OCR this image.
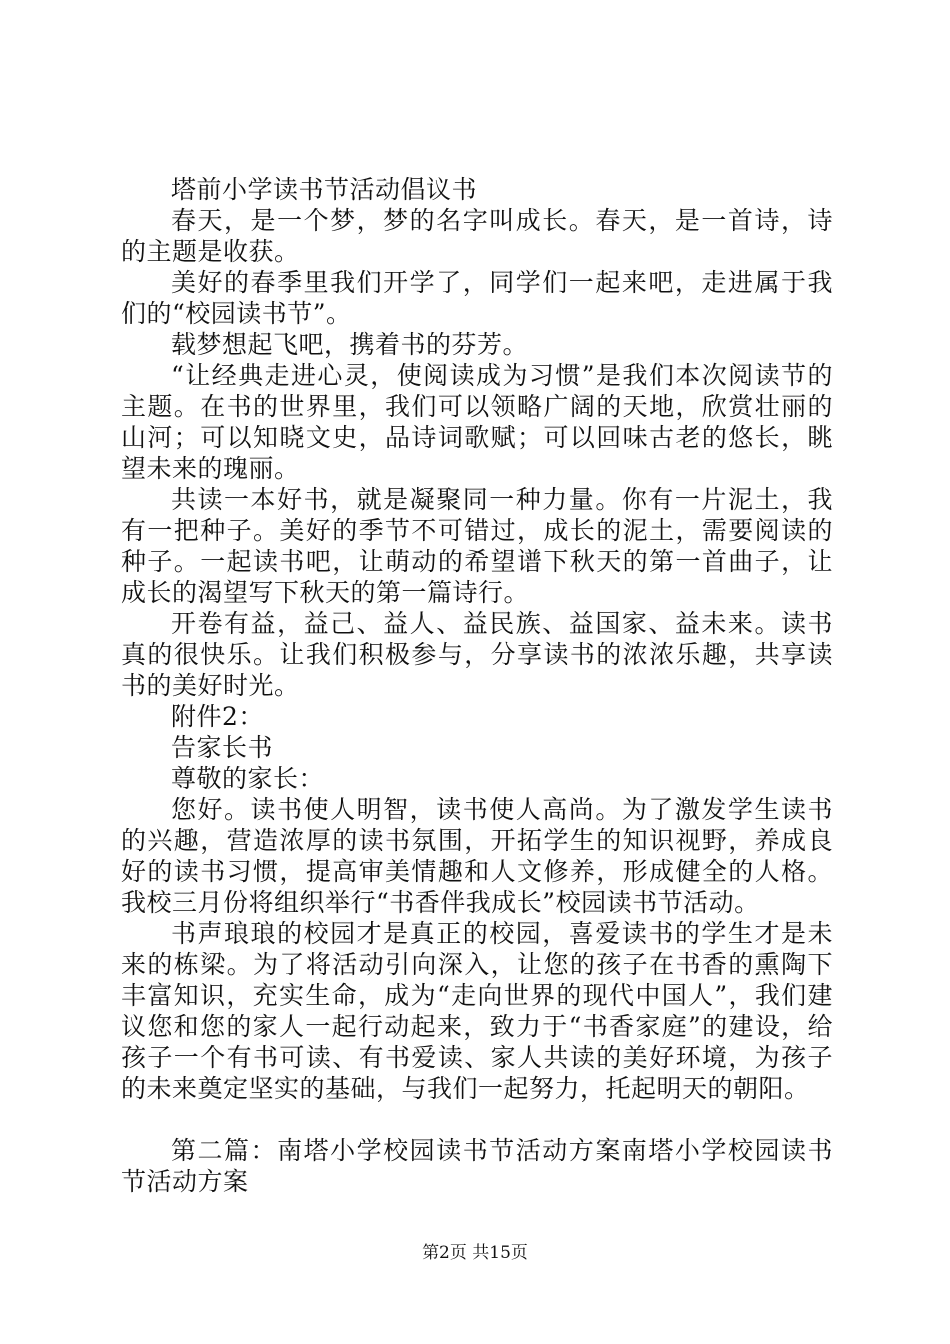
塔前小学读书节活动倡议书

春天，是一个梦，梦的名字叫成长。春天，是一首诗，诗的主题是收获。

美好的春季里我们开学了，同学们一起来吧，走进属于我们的“校园读书节”。

载梦想起飞吧，携着书的芬芳。

“让经典走进心灵，使阅读成为习惯”是我们本次阅读节的主题。在书的世界里，我们可以领略广阔的天地，欣赏壮丽的山河；可以知晓文史，品诗词歌赋；可以回味古老的悠长，眺望未来的瑰丽。

共读一本好书，就是凝聚同一种力量。你有一片泥土，我有一把种子。美好的季节不可错过，成长的泥土，需要阅读的种子。一起读书吧，让萌动的希望谱下秋天的第一首曲子，让成长的渴望写下秋天的第一篇诗行。

开卷有益，益己、益人、益民族、益国家、益未来。读书真的很快乐。让我们积极参与，分享读书的浓浓乐趣，共享读书的美好时光。

附件2：

告家长书

尊敬的家长：

您好。读书使人明智，读书使人高尚。为了激发学生读书的兴趣，营造浓厚的读书氛围，开拓学生的知识视野，养成良好的读书习惯，提高审美情趣和人文修养，形成健全的人格。我校三月份将组织举行“书香伴我成长”校园读书节活动。

书声琅琅的校园才是真正的校园，喜爱读书的学生才是未来的栋梁。为了将活动引向深入，让您的孩子在书香的熏陶下丰富知识，充实生命，成为“走向世界的现代中国人”，我们建议您和您的家人一起行动起来，致力于“书香家庭”的建设，给孩子一个有书可读、有书爱读、家人共读的美好环境，为孩子的未来奠定坚实的基础，与我们一起努力，托起明天的朝阳。

第二篇：南塔小学校园读书节活动方案南塔小学校园读书节活动方案

第2页 共15页
